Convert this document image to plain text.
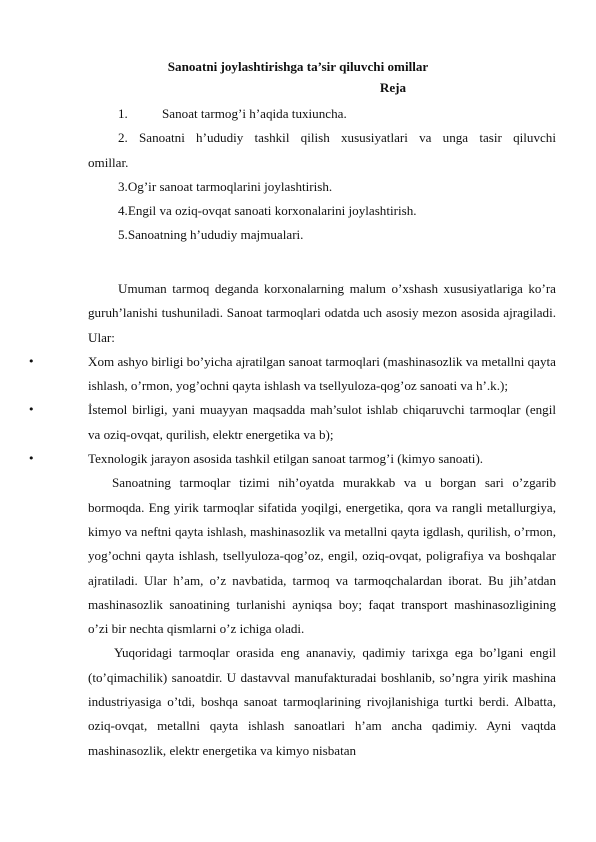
Sanoatni joylashtirishga ta’sir qiluvchi omillar
Reja
1.	Sanoat tarmog’i h’aqida tuxiuncha.
2. Sanoatni h’ududiy tashkil qilish xususiyatlari va unga tasir qiluvchi
omillar.
3.Og’ir sanoat tarmoqlarini joylashtirish.
4.Engil va oziq-ovqat sanoati korxonalarini joylashtirish.
5.Sanoatning h’ududiy majmualari.

Umuman tarmoq deganda korxonalarning malum o’xshash xususiyatlariga ko’ra guruh’lanishi tushuniladi. Sanoat tarmoqlari odatda uch asosiy mezon asosida ajragiladi. Ular:

•	Xom ashyo birligi bo’yicha ajratilgan sanoat tarmoqlari (mashinasozlik va metallni qayta ishlash, o’rmon, yog’ochni qayta ishlash va tsellyuloza-qog’oz sanoati va h’.k.);
•	İstemol birligi, yani muayyan maqsadda mah’sulot ishlab chiqaruvchi tarmoqlar (engil va oziq-ovqat, qurilish, elektr energetika va b);
•	Texnologik jarayon asosida tashkil etilgan sanoat tarmog’i (kimyo sanoati).

Sanoatning tarmoqlar tizimi nih’oyatda murakkab va u borgan sari o’zgarib bormoqda. Eng yirik tarmoqlar sifatida yoqilgi, energetika, qora va rangli metallurgiya, kimyo va neftni qayta ishlash, mashinasozlik va metallni qayta igdlash, qurilish, o’rmon, yog’ochni qayta ishlash, tsellyuloza-qog’oz, engil, oziq-ovqat, poligrafiya va boshqalar ajratiladi. Ular h’am, o’z navbatida, tarmoq va tarmoqchalardan iborat. Bu jih’atdan mashinasozlik sanoatining turlanishi ayniqsa boy; faqat transport mashinasozligining o’zi bir nechta qismlarni o’z ichiga oladi.

Yuqoridagi tarmoqlar orasida eng ananaviy, qadimiy tarixga ega bo’lgani engil (to’qimachilik) sanoatdir. U dastavval manufakturadai boshlanib, so’ngra yirik mashina industriyasiga o’tdi, boshqa sanoat tarmoqlarining rivojlanishiga turtki berdi. Albatta, oziq-ovqat, metallni qayta ishlash sanoatlari h’am ancha qadimiy. Ayni vaqtda mashinasozlik, elektr energetika va kimyo nisbatan
